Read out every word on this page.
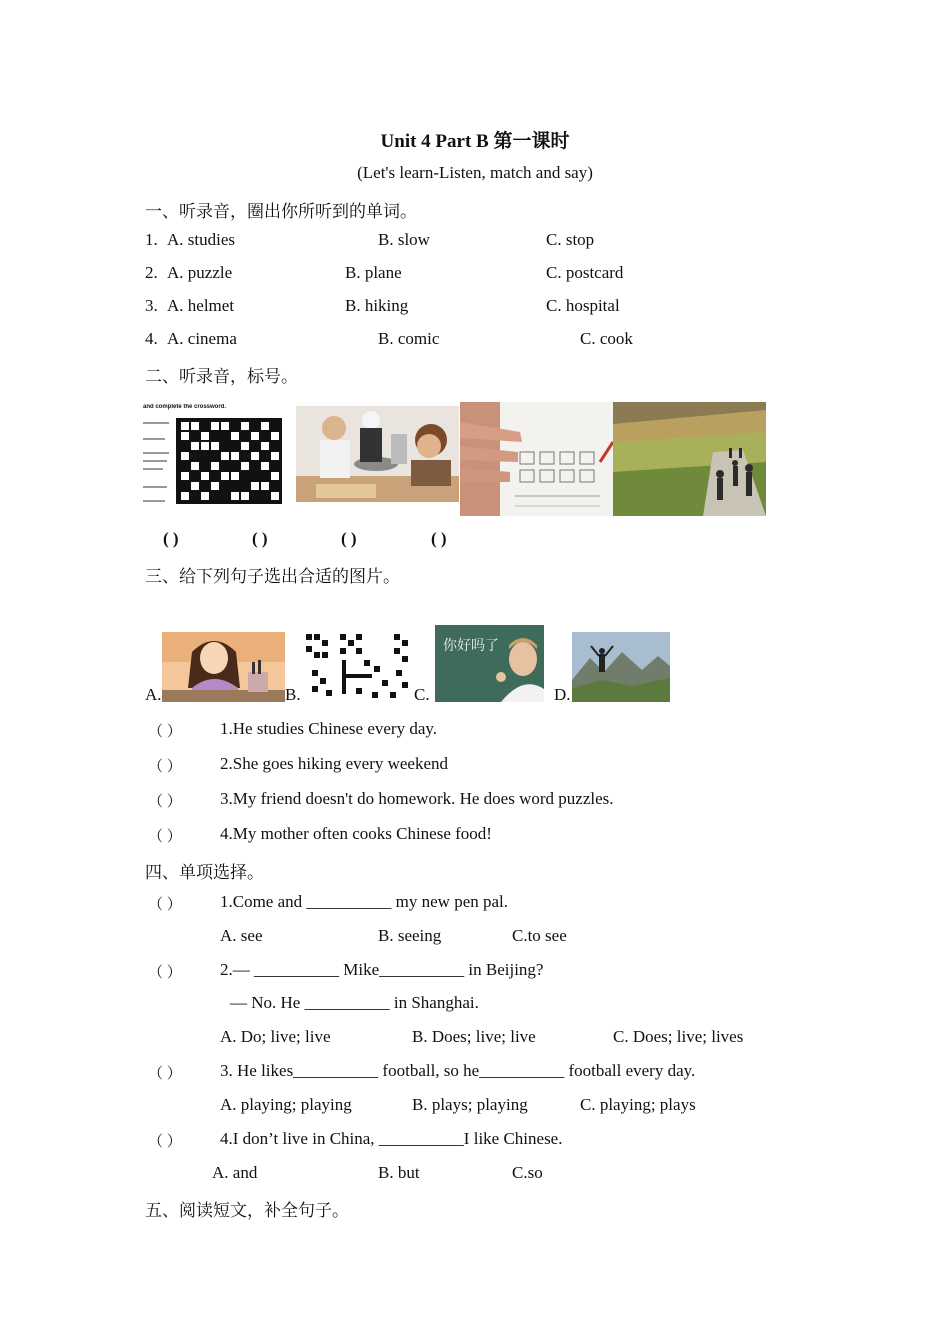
Unit 4 Part B 第一课时
(Let's learn-Listen, match and say)
一、听录音，圈出你所听到的单词。
1. A. studies	B. slow	C. stop
2. A. puzzle	B. plane	C. postcard
3. A. helmet	B. hiking	C. hospital
4. A. cinema	B. comic	C. cook
二、听录音，标号。
and complete the crossword.
( )	( )	( )	( )
三、给下列句子选出合适的图片。
A.	B.	C.
你好吗了
D.
（ ） 1.He studies Chinese every day.
（ ） 2.She goes hiking every weekend
（ ） 3.My friend doesn't do homework. He does word puzzles.
（ ） 4.My mother often cooks Chinese food!
四、单项选择。
（ ） 1.Come and __________ my new pen pal.
A. see	B. seeing	C.to see
（ ） 2.— __________ Mike__________ in Beijing?
— No. He __________ in Shanghai.
A. Do; live; live	B. Does; live; live	C. Does; live; lives
（ ） 3. He likes__________ football, so he__________ football every day.
A. playing; playing	B. plays; playing	C. playing; plays
（ ） 4.I don’t live in China, __________I like Chinese.
A. and	B. but	C.so
五、阅读短文，补全句子。
